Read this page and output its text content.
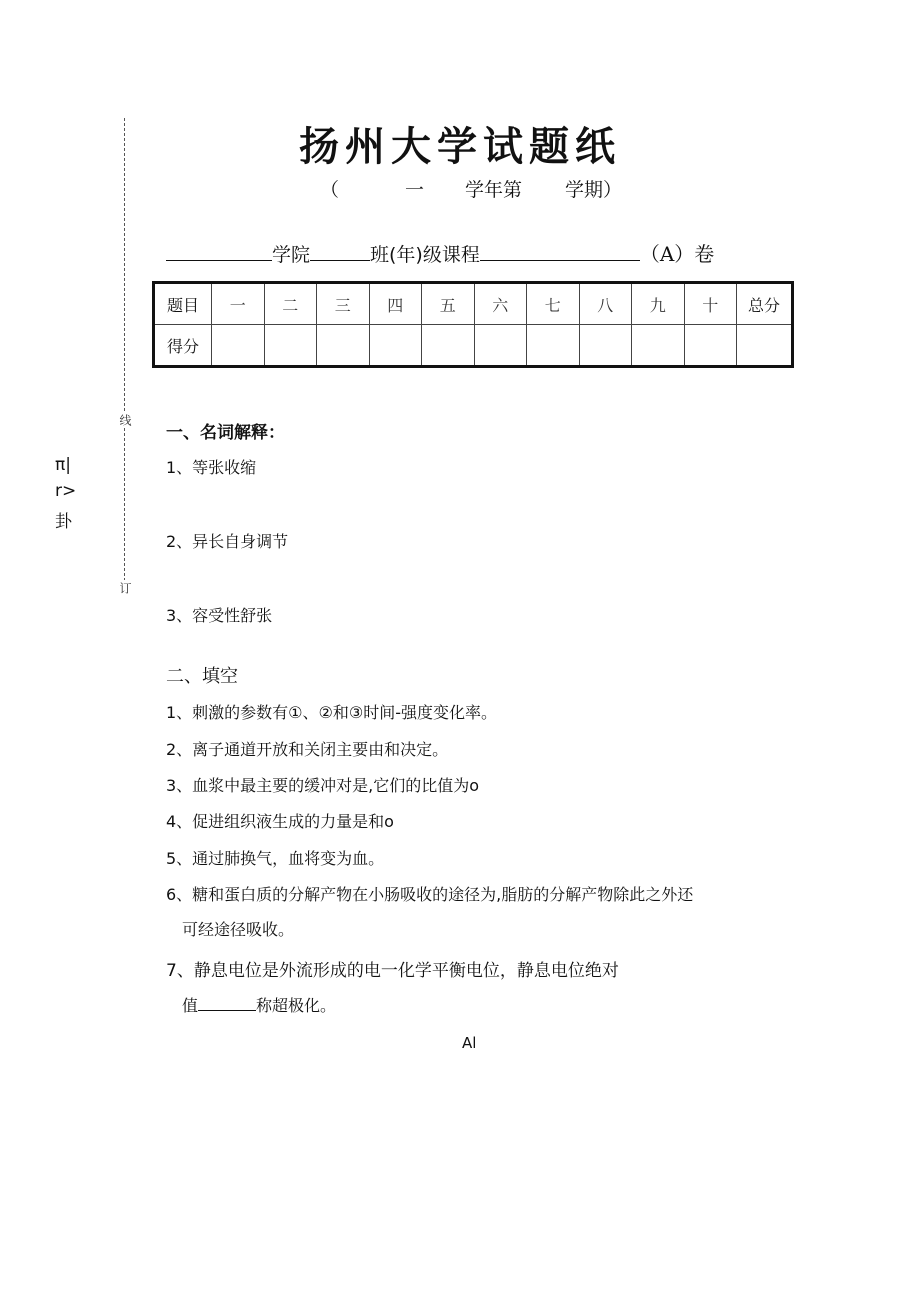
线
订
π|
r>
卦
扬州大学试题纸
（	一 学年第 学期）
学院	班(年)级课程	（A）卷
题目	一	二	三	四	五	六	七	八	九	十	总分
得分											
一、名词解释：
1、等张收缩
2、异长自身调节
3、容受性舒张
二、填空
1、刺激的参数有①、②和③时间-强度变化率。
2、离子通道开放和关闭主要由和决定。
3、血浆中最主要的缓冲对是,它们的比值为o
4、促进组织液生成的力量是和o
5、通过肺换气，血将变为血。
6、糖和蛋白质的分解产物在小肠吸收的途径为,脂肪的分解产物除此之外还
可经途径吸收。
7、静息电位是外流形成的电一化学平衡电位，静息电位绝对
值	称超极化。
Al
